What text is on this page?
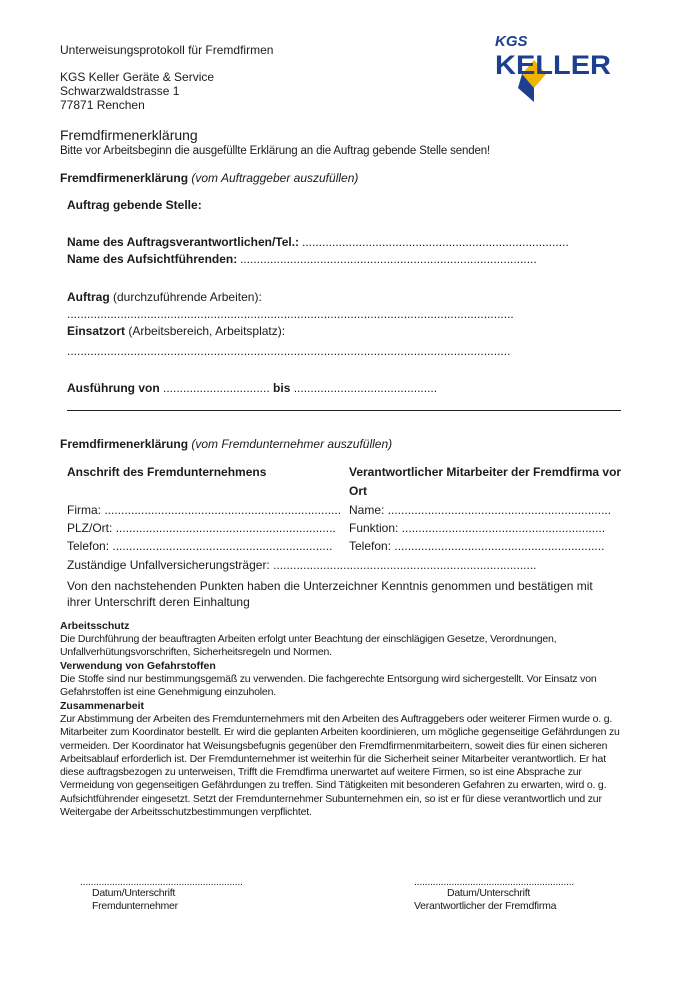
Unterweisungsprotokoll für Fremdfirmen
KGS Keller Geräte & Service
Schwarzwaldstrasse 1
77871 Renchen
KGS
KELLER
Fremdfirmenerklärung
Bitte vor Arbeitsbeginn die ausgefüllte Erklärung an die Auftrag gebende Stelle senden!
Fremdfirmenerklärung (vom Auftraggeber auszufüllen)
Auftrag gebende Stelle:
Name des Auftragsverantwortlichen/Tel.: ................................................................................
Name des Aufsichtführenden: .........................................................................................
Auftrag (durchzuführende Arbeiten):
......................................................................................................................................
Einsatzort (Arbeitsbereich, Arbeitsplatz):
.....................................................................................................................................
Ausführung von ................................ bis ...........................................
Fremdfirmenerklärung (vom Fremdunternehmer auszufüllen)
Anschrift des Fremdunternehmens	Verantwortlicher Mitarbeiter der Fremdfirma vor
Ort
Firma: ....................................................................... Name: ...................................................................
PLZ/Ort: .................................................................. Funktion: .............................................................
Telefon: .................................................................. Telefon: ...............................................................
Zuständige Unfallversicherungsträger: ...............................................................................
Von den nachstehenden Punkten haben die Unterzeichner Kenntnis genommen und bestätigen mit ihrer Unterschrift deren Einhaltung
Arbeitsschutz
Die Durchführung der beauftragten Arbeiten erfolgt unter Beachtung der einschlägigen Gesetze, Verordnungen, Unfallverhütungsvorschriften, Sicherheitsregeln und Normen.
Verwendung von Gefahrstoffen
Die Stoffe sind nur bestimmungsgemäß zu verwenden. Die fachgerechte Entsorgung wird sichergestellt. Vor Einsatz von Gefahrstoffen ist eine Genehmigung einzuholen.
Zusammenarbeit
Zur Abstimmung der Arbeiten des Fremdunternehmers mit den Arbeiten des Auftraggebers oder weiterer Firmen wurde o. g. Mitarbeiter zum Koordinator bestellt. Er wird die geplanten Arbeiten koordinieren, um mögliche gegenseitige Gefährdungen zu vermeiden. Der Koordinator hat Weisungsbefugnis gegenüber den Fremdfirmenmitarbeitern, soweit dies für einen sicheren Arbeitsablauf erforderlich ist. Der Fremdunternehmer ist weiterhin für die Sicherheit seiner Mitarbeiter verantwortlich. Er hat diese auftragsbezogen zu unterweisen, Trifft die Fremdfirma unerwartet auf weitere Firmen, so ist eine Absprache zur Vermeidung von gegenseitigen Gefährdungen zu treffen. Sind Tätigkeiten mit besonderen Gefahren zu erwarten, wird o. g. Aufsichtführender eingesetzt. Setzt der Fremdunternehmer Subunternehmen ein, so ist er für diese verantwortlich und zur Weitergabe der Arbeitsschutzbestimmungen verpflichtet.
.............................................................
Datum/Unterschrift
Fremdunternehmer
............................................................
Datum/Unterschrift
Verantwortlicher der Fremdfirma
